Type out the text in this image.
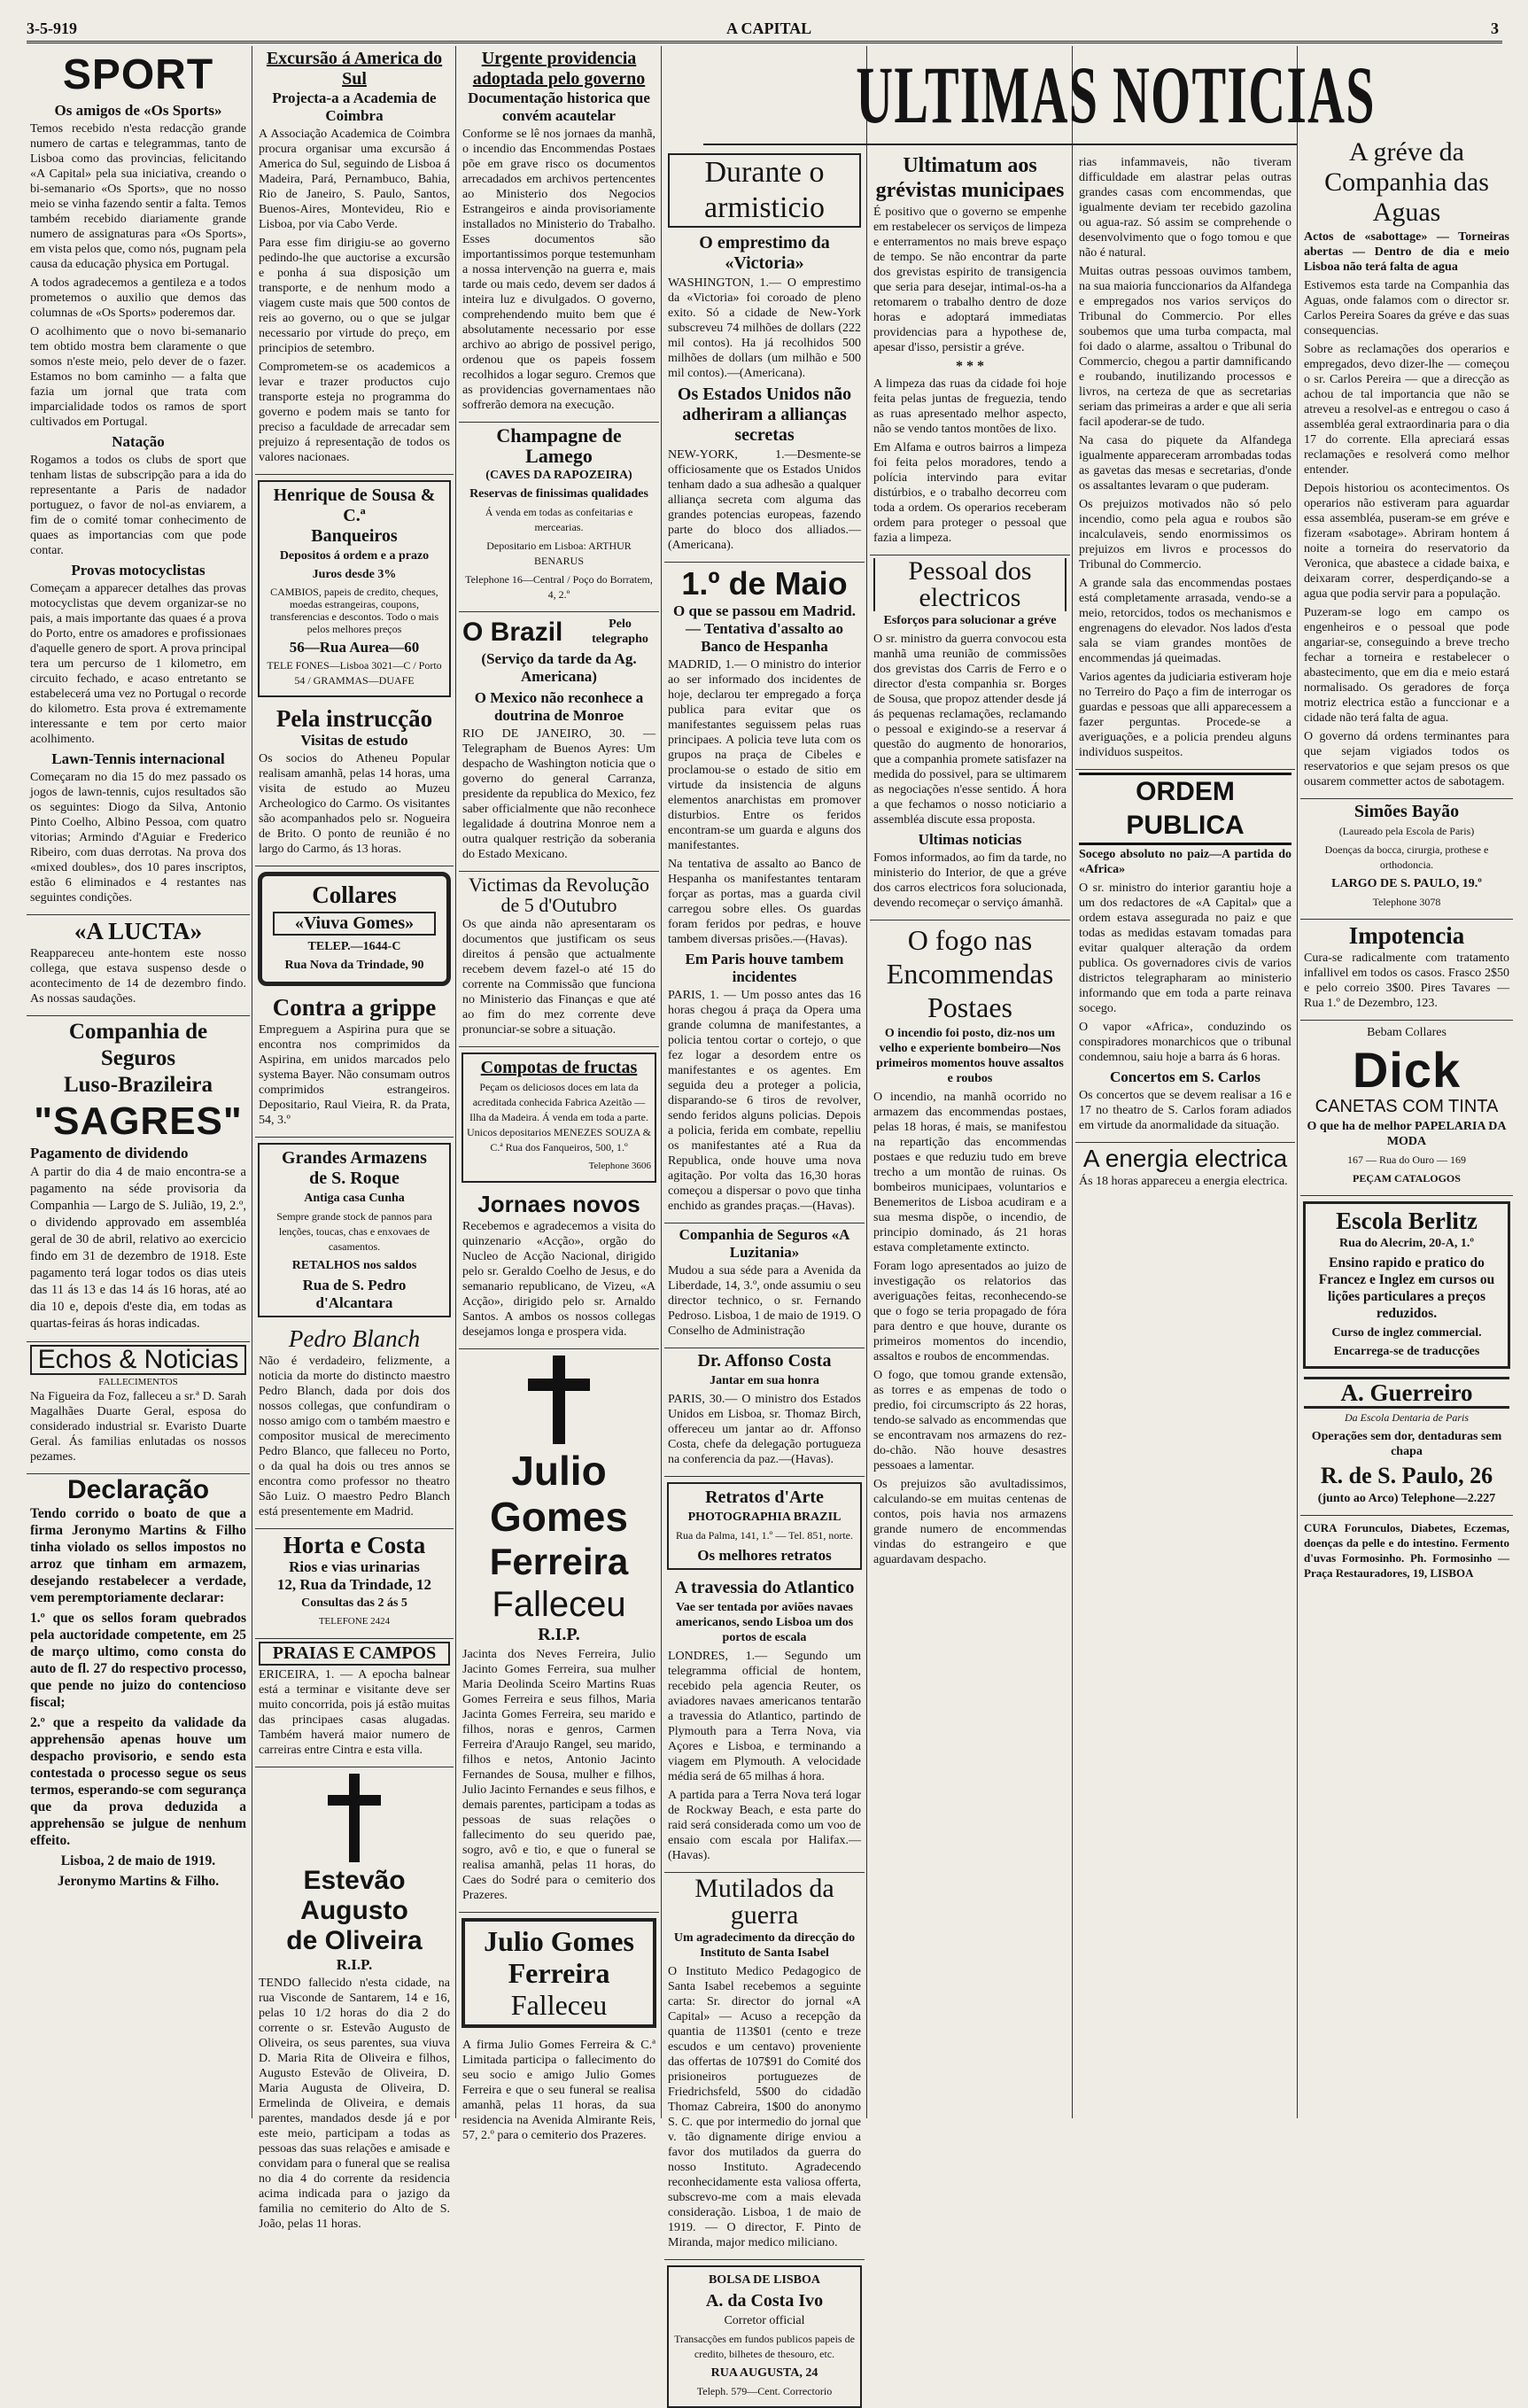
3-5-919	A CAPITAL	3
ULTIMAS NOTICIAS
SPORT
Os amigos de «Os Sports»

Temos recebido n'esta redacção grande numero de cartas e telegrammas, tanto de Lisboa como das provincias, felicitando «A Capital» pela sua iniciativa, creando o bi-semanario «Os Sports», que no nosso meio se vinha fazendo sentir a falta. Temos também recebido diariamente grande numero de assignaturas para «Os Sports», em vista pelos que, como nós, pugnam pela causa da educação physica em Portugal.

A todos agradecemos a gentileza e a todos prometemos o auxilio que demos das columnas de «Os Sports» poderemos dar.

O acolhimento que o novo bi-semanario tem obtido mostra bem claramente o que somos n'este meio, pelo dever de o fazer. Estamos no bom caminho — a falta que fazia um jornal que trata com imparcialidade todos os ramos de sport cultivados em Portugal.

Natação

Rogamos a todos os clubs de sport que tenham listas de subscripção para a ida do representante a Paris de nadador portuguez, o favor de nol-as enviarem, a fim de o comité tomar conhecimento de quaes as importancias com que pode contar.

Provas motocyclistas

Começam a apparecer detalhes das provas motocyclistas que devem organizar-se no pais, a mais importante das quaes é a prova do Porto, entre os amadores e profissionaes d'aquelle genero de sport. A prova principal tera um percurso de 1 kilometro, em circuito fechado, e acaso entretanto se estabelecerá uma vez no Portugal o recorde do kilometro. Esta prova é extremamente interessante e tem por certo maior acolhimento.

Lawn-Tennis internacional

Começaram no dia 15 do mez passado os jogos de lawn-tennis, cujos resultados são os seguintes: Diogo da Silva, Antonio Pinto Coelho, Albino Pessoa, com quatro vitorias; Armindo d'Aguiar e Frederico Ribeiro, com duas derrotas. Na prova dos «mixed doubles», dos 10 pares inscriptos, estão 6 eliminados e 4 restantes nas seguintes condições.

«A LUCTA»

Reappareceu ante-hontem este nosso collega, que estava suspenso desde o acontecimento de 14 de dezembro findo. As nossas saudações.

Companhia de Seguros
Luso-Brazileira
"SAGRES"
Pagamento de dividendo

A partir do dia 4 de maio encontra-se a pagamento na séde provisoria da Companhia — Largo de S. Julião, 19, 2.º, o dividendo approvado em assembléa geral de 30 de abril, relativo ao exercicio findo em 31 de dezembro de 1918. Este pagamento terá logar todos os dias uteis das 11 ás 13 e das 14 ás 16 horas, até ao dia 10 e, depois d'este dia, em todas as quartas-feiras ás horas indicadas.

Echos & Noticias
FALLECIMENTOS

Na Figueira da Foz, falleceu a sr.ª D. Sarah Magalhães Duarte Geral, esposa do considerado industrial sr. Evaristo Duarte Geral. Ás familias enlutadas os nossos pezames.

Declaração

Tendo corrido o boato de que a firma Jeronymo Martins & Filho tinha violado os sellos impostos no arroz que tinham em armazem, desejando restabelecer a verdade, vem peremptoriamente declarar:

1.º que os sellos foram quebrados pela auctoridade competente, em 25 de março ultimo, como consta do auto de fl. 27 do respectivo processo, que pende no juizo do contencioso fiscal;

2.º que a respeito da validade da apprehensão apenas houve um despacho provisorio, e sendo esta contestada o processo segue os seus termos, esperando-se com segurança que da prova deduzida a apprehensão se julgue de nenhum effeito.

Lisboa, 2 de maio de 1919.
Jeronymo Martins & Filho.
Excursão á America do Sul
Projecta-a a Academia de Coimbra

A Associação Academica de Coimbra procura organisar uma excursão á America do Sul, seguindo de Lisboa á Madeira, Pará, Pernambuco, Bahia, Rio de Janeiro, S. Paulo, Santos, Buenos-Aires, Montevideu, Rio e Lisboa, por via Cabo Verde.

Para esse fim dirigiu-se ao governo pedindo-lhe que auctorise a excursão e ponha á sua disposição um transporte, e de nenhum modo a viagem custe mais que 500 contos de reis ao governo, ou o que se julgar necessario por virtude do preço, em principios de setembro.

Comprometem-se os academicos a levar e trazer productos cujo transporte esteja no programma do governo e podem mais se tanto for preciso a faculdade de arrecadar sem prejuizo á representação de todos os valores nacionaes.

Henrique de Sousa & C.ª
Banqueiros
Depositos á ordem e a prazo
Juros desde 3%
CAMBIOS, papeis de credito, cheques, moedas estrangeiras, coupons, transferencias e descontos. Todo o mais pelos melhores preços
56—Rua Aurea—60
TELE FONES—Lisboa 3021—C / Porto 54 / GRAMMAS—DUAFE
Pela instrucção
Visitas de estudo

Os socios do Atheneu Popular realisam amanhã, pelas 14 horas, uma visita de estudo ao Muzeu Archeologico do Carmo. Os visitantes são acompanhados pelo sr. Nogueira de Brito. O ponto de reunião é no largo do Carmo, ás 13 horas.

Collares
«Viuva Gomes»
TELEP.—1644-C
Rua Nova da Trindade, 90
Contra a grippe

Empreguem a Aspirina pura que se encontra nos comprimidos da Aspirina, em unidos marcados pelo systema Bayer. Não consumam outros comprimidos estrangeiros. Depositario, Raul Vieira, R. da Prata, 54, 3.º

Grandes Armazens
de S. Roque
Antiga casa Cunha

Sempre grande stock de pannos para lenções, toucas, chas e enxovaes de casamentos.

RETALHOS nos saldos
Rua de S. Pedro d'Alcantara
Pedro Blanch

Não é verdadeiro, felizmente, a noticia da morte do distincto maestro Pedro Blanch, dada por dois dos nossos collegas, que confundiram o nosso amigo com o também maestro e compositor musical de merecimento Pedro Blanco, que falleceu no Porto, o da qual ha dois ou tres annos se encontra como professor no theatro São Luiz. O maestro Pedro Blanch está presentemente em Madrid.

Horta e Costa
Rios e vias urinarias
12, Rua da Trindade, 12
Consultas das 2 ás 5
TELEFONE 2424
PRAIAS E CAMPOS

ERICEIRA, 1. — A epocha balnear está a terminar e visitante deve ser muito concorrida, pois já estão muitas das principaes casas alugadas. Também haverá maior numero de carreiras entre Cintra e esta villa.

Estevão Augusto
de Oliveira
R.I.P.

TENDO fallecido n'esta cidade, na rua Visconde de Santarem, 14 e 16, pelas 10 1/2 horas do dia 2 do corrente o sr. Estevão Augusto de Oliveira, os seus parentes, sua viuva D. Maria Rita de Oliveira e filhos, Augusto Estevão de Oliveira, D. Maria Augusta de Oliveira, D. Ermelinda de Oliveira, e demais parentes, mandados desde já e por este meio, participam a todas as pessoas das suas relações e amisade e convidam para o funeral que se realisa no dia 4 do corrente da residencia acima indicada para o jazigo da familia no cemiterio do Alto de S. João, pelas 11 horas.

Urgente providencia adoptada pelo governo
Documentação historica que convém acautelar

Conforme se lê nos jornaes da manhã, o incendio das Encommendas Postaes põe em grave risco os documentos arrecadados em archivos pertencentes ao Ministerio dos Negocios Estrangeiros e ainda provisoriamente installados no Ministerio do Trabalho. Esses documentos são importantissimos porque testemunham a nossa intervenção na guerra e, mais tarde ou mais cedo, devem ser dados á inteira luz e divulgados. O governo, comprehendendo muito bem que é absolutamente necessario por esse archivo ao abrigo de possivel perigo, ordenou que os papeis fossem recolhidos a logar seguro. Cremos que as providencias governamentaes não soffrerão demora na execução.

Champagne de Lamego
(CAVES DA RAPOZEIRA)
Reservas de finissimas qualidades
Á venda em todas as confeitarias e mercearias.
Depositario em Lisboa: ARTHUR BENARUS
Telephone 16—Central / Poço do Borratem, 4, 2.º
O Brazil	Pelo telegrapho
(Serviço da tarde da Ag. Americana)
O Mexico não reconhece a doutrina de Monroe

RIO DE JANEIRO, 30. — Telegrapham de Buenos Ayres: Um despacho de Washington noticia que o governo do general Carranza, presidente da republica do Mexico, fez saber officialmente que não reconhece legalidade á doutrina Monroe nem a outra qualquer restrição da soberania do Estado Mexicano.

Victimas da Revolução de 5 d'Outubro

Os que ainda não apresentaram os documentos que justificam os seus direitos á pensão que actualmente recebem devem fazel-o até 15 do corrente na Commissão que funciona no Ministerio das Finanças e que até ao fim do mez corrente deve pronunciar-se sobre a situação.

Compotas de fructas

Peçam os deliciosos doces em lata da acreditada conhecida Fabrica Azeitão — Ilha da Madeira. Á venda em toda a parte. Unicos depositarios MENEZES SOUZA & C.ª Rua dos Fanqueiros, 500, 1.º

Telephone 3606
Jornaes novos

Recebemos e agradecemos a visita do quinzenario «Acção», orgão do Nucleo de Acção Nacional, dirigido pelo sr. Geraldo Coelho de Jesus, e do semanario republicano, de Vizeu, «A Acção», dirigido pelo sr. Arnaldo Santos. A ambos os nossos collegas desejamos longa e prospera vida.

Julio Gomes
Ferreira
Falleceu
R.I.P.

Jacinta dos Neves Ferreira, Julio Jacinto Gomes Ferreira, sua mulher Maria Deolinda Sceiro Martins Ruas Gomes Ferreira e seus filhos, Maria Jacinta Gomes Ferreira, seu marido e filhos, noras e genros, Carmen Ferreira d'Araujo Rangel, seu marido, filhos e netos, Antonio Jacinto Fernandes de Sousa, mulher e filhos, Julio Jacinto Fernandes e seus filhos, e demais parentes, participam a todas as pessoas de suas relações o fallecimento do seu querido pae, sogro, avô e tio, e que o funeral se realisa amanhã, pelas 11 horas, do Caes do Sodré para o cemiterio dos Prazeres.

Julio Gomes
Ferreira
Falleceu

A firma Julio Gomes Ferreira & C.ª Limitada participa o fallecimento do seu socio e amigo Julio Gomes Ferreira e que o seu funeral se realisa amanhã, pelas 11 horas, da sua residencia na Avenida Almirante Reis, 57, 2.º para o cemiterio dos Prazeres.

Durante o armisticio
O emprestimo da «Victoria»

WASHINGTON, 1.— O emprestimo da «Victoria» foi coroado de pleno exito. Só a cidade de New-York subscreveu 74 milhões de dollars (222 mil contos). Ha já recolhidos 500 milhões de dollars (um milhão e 500 mil contos).—(Americana).

Os Estados Unidos não adheriram a allianças secretas

NEW-YORK, 1.—Desmente-se officiosamente que os Estados Unidos tenham dado a sua adhesão a qualquer alliança secreta com alguma das grandes potencias europeas, fazendo parte do bloco dos alliados.—(Americana).

1.º de Maio
O que se passou em Madrid. — Tentativa d'assalto ao Banco de Hespanha

MADRID, 1.— O ministro do interior ao ser informado dos incidentes de hoje, declarou ter empregado a força publica para evitar que os manifestantes seguissem pelas ruas principaes. A policia teve luta com os grupos na praça de Cibeles e proclamou-se o estado de sitio em virtude da insistencia de alguns elementos anarchistas em promover disturbios. Entre os feridos encontram-se um guarda e alguns dos manifestantes.

Na tentativa de assalto ao Banco de Hespanha os manifestantes tentaram forçar as portas, mas a guarda civil carregou sobre elles. Os guardas foram feridos por pedras, e houve tambem diversas prisões.—(Havas).

Em Paris houve tambem incidentes

PARIS, 1. — Um posso antes das 16 horas chegou á praça da Opera uma grande columna de manifestantes, a policia tentou cortar o cortejo, o que fez logar a desordem entre os manifestantes e os agentes. Em seguida deu a proteger a policia, disparando-se 6 tiros de revolver, sendo feridos alguns policias. Depois a policia, ferida em combate, repelliu os manifestantes até a Rua da Republica, onde houve uma nova agitação. Por volta das 16,30 horas começou a dispersar o povo que tinha enchido as grandes praças.—(Havas).

Companhia de Seguros «A Luzitania»

Mudou a sua séde para a Avenida da Liberdade, 14, 3.º, onde assumiu o seu director technico, o sr. Fernando Pedroso. Lisboa, 1 de maio de 1919. O Conselho de Administração

Dr. Affonso Costa
Jantar em sua honra

PARIS, 30.— O ministro dos Estados Unidos em Lisboa, sr. Thomaz Birch, offereceu um jantar ao dr. Affonso Costa, chefe da delegação portugueza na conferencia da paz.—(Havas).

Retratos d'Arte
PHOTOGRAPHIA BRAZIL
Rua da Palma, 141, 1.º — Tel. 851, norte.
Os melhores retratos
A travessia do Atlantico
Vae ser tentada por aviões navaes americanos, sendo Lisboa um dos portos de escala

LONDRES, 1.— Segundo um telegramma official de hontem, recebido pela agencia Reuter, os aviadores navaes americanos tentarão a travessia do Atlantico, partindo de Plymouth para a Terra Nova, via Açores e Lisboa, e terminando a viagem em Plymouth. A velocidade média será de 65 milhas á hora.

A partida para a Terra Nova terá logar de Rockway Beach, e esta parte do raid será considerada como um voo de ensaio com escala por Halifax.—(Havas).

Mutilados da guerra
Um agradecimento da direcção do Instituto de Santa Isabel

O Instituto Medico Pedagogico de Santa Isabel recebemos a seguinte carta: Sr. director do jornal «A Capital» — Acuso a recepção da quantia de 113$01 (cento e treze escudos e um centavo) proveniente das offertas de 107$91 do Comité dos prisioneiros portuguezes de Friedrichsfeld, 5$00 do cidadão Thomaz Cabreira, 1$00 do anonymo S. C. que por intermedio do jornal que v. tão dignamente dirige enviou a favor dos mutilados da guerra do nosso Instituto. Agradecendo reconhecidamente esta valiosa offerta, subscrevo-me com a mais elevada consideração. Lisboa, 1 de maio de 1919. — O director, F. Pinto de Miranda, major medico miliciano.

BOLSA DE LISBOA
A. da Costa Ivo
Corretor official
Transacções em fundos publicos papeis de credito, bilhetes de thesouro, etc.
RUA AUGUSTA, 24
Teleph. 579—Cent. Correctorio
Ultimatum aos grévistas municipaes

É positivo que o governo se empenhe em restabelecer os serviços de limpeza e enterramentos no mais breve espaço de tempo. Se não encontrar da parte dos grevistas espirito de transigencia que seria para desejar, intimal-os-ha a retomarem o trabalho dentro de doze horas e adoptará immediatas providencias para a hypothese de, apesar d'isso, persistir a gréve.

* * *

A limpeza das ruas da cidade foi hoje feita pelas juntas de freguezia, tendo as ruas apresentado melhor aspecto, não se vendo tantos montões de lixo.

Em Alfama e outros bairros a limpeza foi feita pelos moradores, tendo a polícia intervindo para evitar distúrbios, e o trabalho decorreu com toda a ordem. Os operarios receberam ordem para proteger o pessoal que fazia a limpeza.

Pessoal dos electricos
Esforços para solucionar a gréve

O sr. ministro da guerra convocou esta manhã uma reunião de commissões dos grevistas dos Carris de Ferro e o director d'esta companhia sr. Borges de Sousa, que propoz attender desde já ás pequenas reclamações, reclamando o pessoal e exigindo-se a reservar á questão do augmento de honorarios, que a companhia promete satisfazer na medida do possivel, para se ultimarem as negociações n'esse sentido. Á hora a que fechamos o nosso noticiario a assembléa discute essa proposta.

Ultimas noticias

Fomos informados, ao fim da tarde, no ministerio do Interior, de que a gréve dos carros electricos fora solucionada, devendo recomeçar o serviço ámanhã.

O fogo nas Encommendas Postaes
O incendio foi posto, diz-nos um velho e experiente bombeiro—Nos primeiros momentos houve assaltos e roubos

O incendio, na manhã ocorrido no armazem das encommendas postaes, pelas 18 horas, é mais, se manifestou na repartição das encommendas postaes e que reduziu tudo em breve trecho a um montão de ruinas. Os bombeiros municipaes, voluntarios e Benemeritos de Lisboa acudiram e a sua mesma dispõe, o incendio, de principio dominado, ás 21 horas estava completamente extincto.

Foram logo apresentados ao juizo de investigação os relatorios das averiguações feitas, reconhecendo-se que o fogo se teria propagado de fóra para dentro e que houve, durante os primeiros momentos do incendio, assaltos e roubos de encommendas.

O fogo, que tomou grande extensão, as torres e as empenas de todo o predio, foi circumscripto ás 22 horas, tendo-se salvado as encommendas que se encontravam nos armazens do rez-do-chão. Não houve desastres pessoaes a lamentar.

Os prejuizos são avultadissimos, calculando-se em muitas centenas de contos, pois havia nos armazens grande numero de encommendas vindas do estrangeiro e que aguardavam despacho.

rias infammaveis, não tiveram difficuldade em alastrar pelas outras grandes casas com encommendas, que igualmente deviam ter recebido gazolina ou agua-raz. Só assim se comprehende o desenvolvimento que o fogo tomou e que não é natural.

Muitas outras pessoas ouvimos tambem, na sua maioria funccionarios da Alfandega e empregados nos varios serviços do Tribunal do Commercio. Por elles soubemos que uma turba compacta, mal foi dado o alarme, assaltou o Tribunal do Commercio, chegou a partir damnificando e roubando, inutilizando processos e livros, na certeza de que as secretarias seriam das primeiras a arder e que ali seria facil apoderar-se de tudo.

Na casa do piquete da Alfandega igualmente appareceram arrombadas todas as gavetas das mesas e secretarias, d'onde os assaltantes levaram o que puderam.

Os prejuizos motivados não só pelo incendio, como pela agua e roubos são incalculaveis, sendo enormissimos os prejuizos em livros e processos do Tribunal do Commercio.

A grande sala das encommendas postaes está completamente arrasada, vendo-se a meio, retorcidos, todos os mechanismos e engrenagens do elevador. Nos lados d'esta sala se viam grandes montões de encommendas já queimadas.

Varios agentes da judiciaria estiveram hoje no Terreiro do Paço a fim de interrogar os guardas e pessoas que alli apparecessem a fazer perguntas. Procede-se a averiguações, e a policia prendeu alguns individuos suspeitos.

ORDEM PUBLICA
Socego absoluto no paiz—A partida do «Africa»

O sr. ministro do interior garantiu hoje a um dos redactores de «A Capital» que a ordem estava assegurada no paiz e que todas as medidas estavam tomadas para evitar qualquer alteração da ordem publica. Os governadores civis de varios districtos telegrapharam ao ministerio informando que em toda a parte reinava socego.

O vapor «Africa», conduzindo os conspiradores monarchicos que o tribunal condemnou, saiu hoje a barra ás 6 horas.

Concertos em S. Carlos

Os concertos que se devem realisar a 16 e 17 no theatro de S. Carlos foram adiados em virtude da anormalidade da situação.

A energia electrica

Ás 18 horas appareceu a energia electrica.

A gréve da Companhia das Aguas
Actos de «sabottage» — Torneiras abertas — Dentro de dia e meio Lisboa não terá falta de agua

Estivemos esta tarde na Companhia das Aguas, onde falamos com o director sr. Carlos Pereira Soares da gréve e das suas consequencias.

Sobre as reclamações dos operarios e empregados, devo dizer-lhe — começou o sr. Carlos Pereira — que a direcção as achou de tal importancia que não se atreveu a resolvel-as e entregou o caso á assembléa geral extraordinaria para o dia 17 do corrente. Ella apreciará essas reclamações e resolverá como melhor entender.

Depois historiou os acontecimentos. Os operarios não estiveram para aguardar essa assembléa, puseram-se em gréve e fizeram «sabotage». Abriram hontem á noite a torneira do reservatorio da Veronica, que abastece a cidade baixa, e deixaram correr, desperdiçando-se a agua que podia servir para a população.

Puzeram-se logo em campo os engenheiros e o pessoal que pode angariar-se, conseguindo a breve trecho fechar a torneira e restabelecer o abastecimento, que em dia e meio estará normalisado. Os geradores de força motriz electrica estão a funccionar e a cidade não terá falta de agua.

O governo dá ordens terminantes para que sejam vigiados todos os reservatorios e que sejam presos os que ousarem commetter actos de sabotagem.

Simões Bayão
(Laureado pela Escola de Paris)
Doenças da bocca, cirurgia, prothese e orthodoncia.
LARGO DE S. PAULO, 19.º
Telephone 3078
Impotencia

Cura-se radicalmente com tratamento infallivel em todos os casos. Frasco 2$50 e pelo correio 3$00. Pires Tavares — Rua 1.º de Dezembro, 123.

Bebam Collares
Dick
CANETAS COM TINTA
O que ha de melhor PAPELARIA DA MODA
167 — Rua do Ouro — 169
PEÇAM CATALOGOS
Escola Berlitz
Rua do Alecrim, 20-A, 1.º
Ensino rapido e pratico do Francez e Inglez em cursos ou lições particulares a preços reduzidos.
Curso de inglez commercial.
Encarrega-se de traducções
A. Guerreiro
Da Escola Dentaria de Paris
Operações sem dor, dentaduras sem chapa
R. de S. Paulo, 26
(junto ao Arco) Telephone—2.227

CURA Forunculos, Diabetes, Eczemas, doenças da pelle e do intestino. Fermento d'uvas Formosinho. Ph. Formosinho — Praça Restauradores, 19, LISBOA
